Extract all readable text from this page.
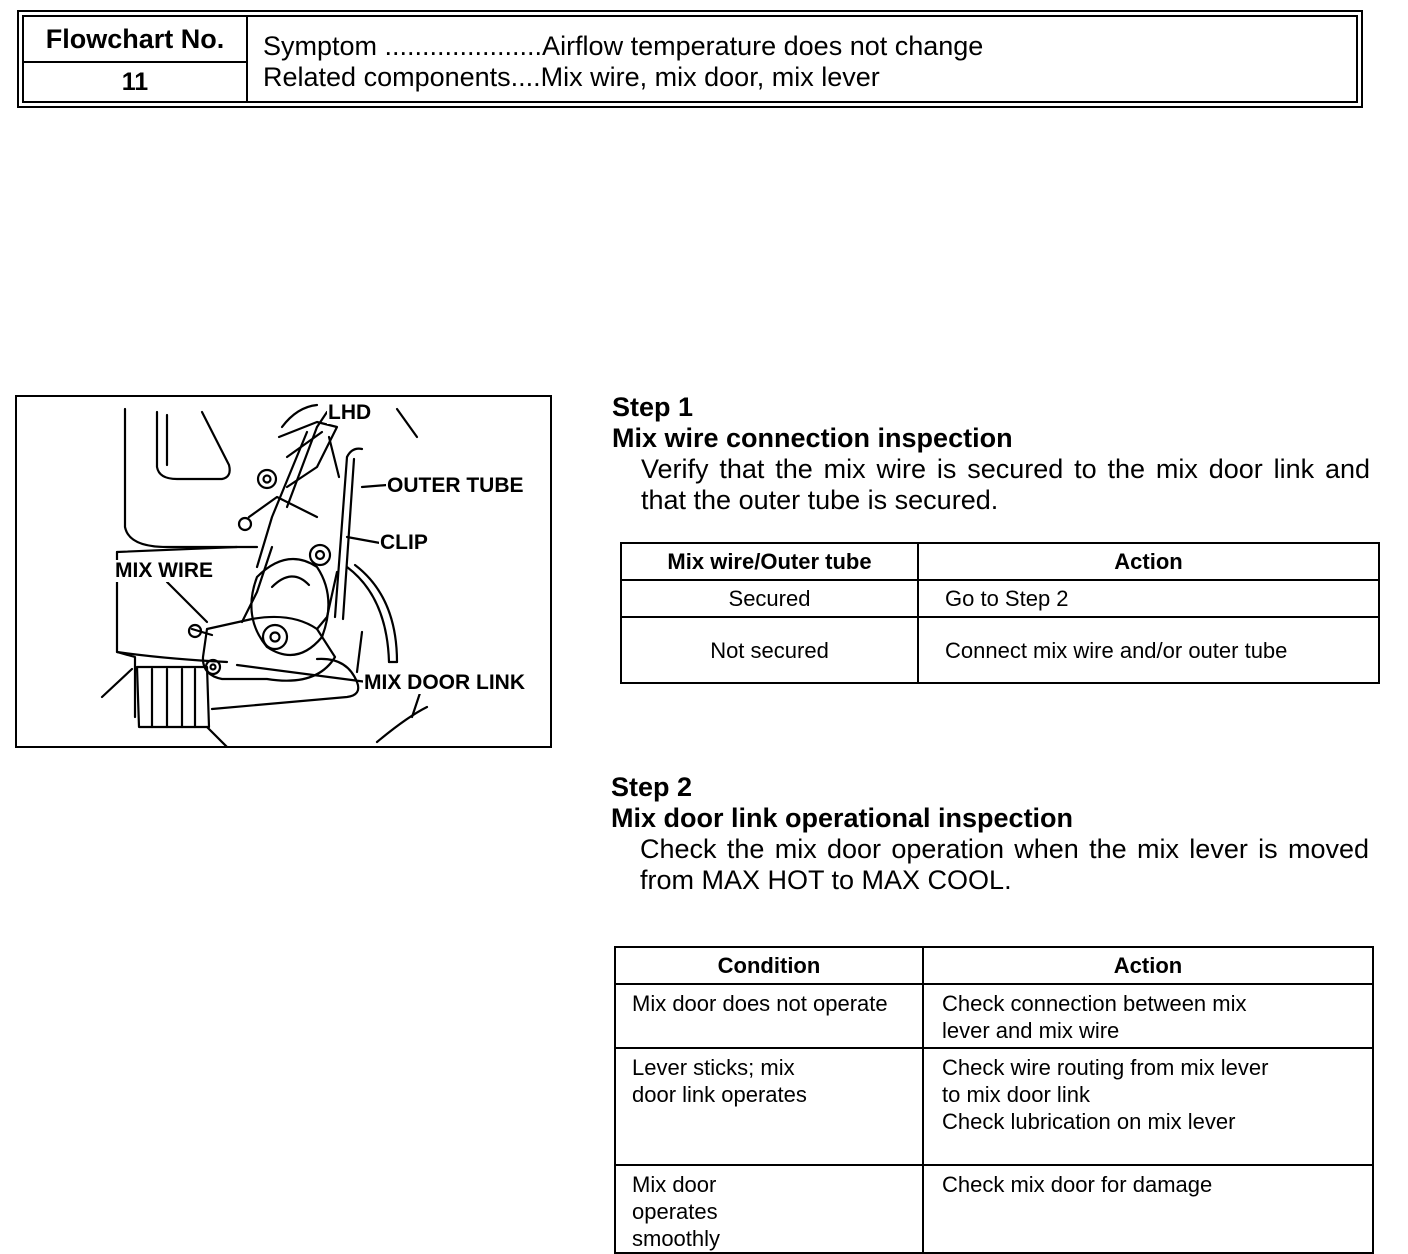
Flowchart No.
11
Symptom .....................Airflow temperature does not change
Related components....Mix wire, mix door, mix lever
LHD
OUTER TUBE
CLIP
MIX WIRE
MIX DOOR LINK
Step 1
Mix wire connection inspection
Verify that the mix wire is secured to the mix door link and that the outer tube is secured.
Mix wire/Outer tube	Action
Secured	Go to Step 2
Not secured	Connect mix wire and/or outer tube
Step 2
Mix door link operational inspection
Check the mix door operation when the mix lever is moved from MAX HOT to MAX COOL.
Condition	Action
Mix door does not operate	Check connection between mix lever and mix wire
Lever sticks; mix door link operates	Check wire routing from mix lever to mix door link
Check lubrication on mix lever
Mix door operates smoothly	Check mix door for damage
